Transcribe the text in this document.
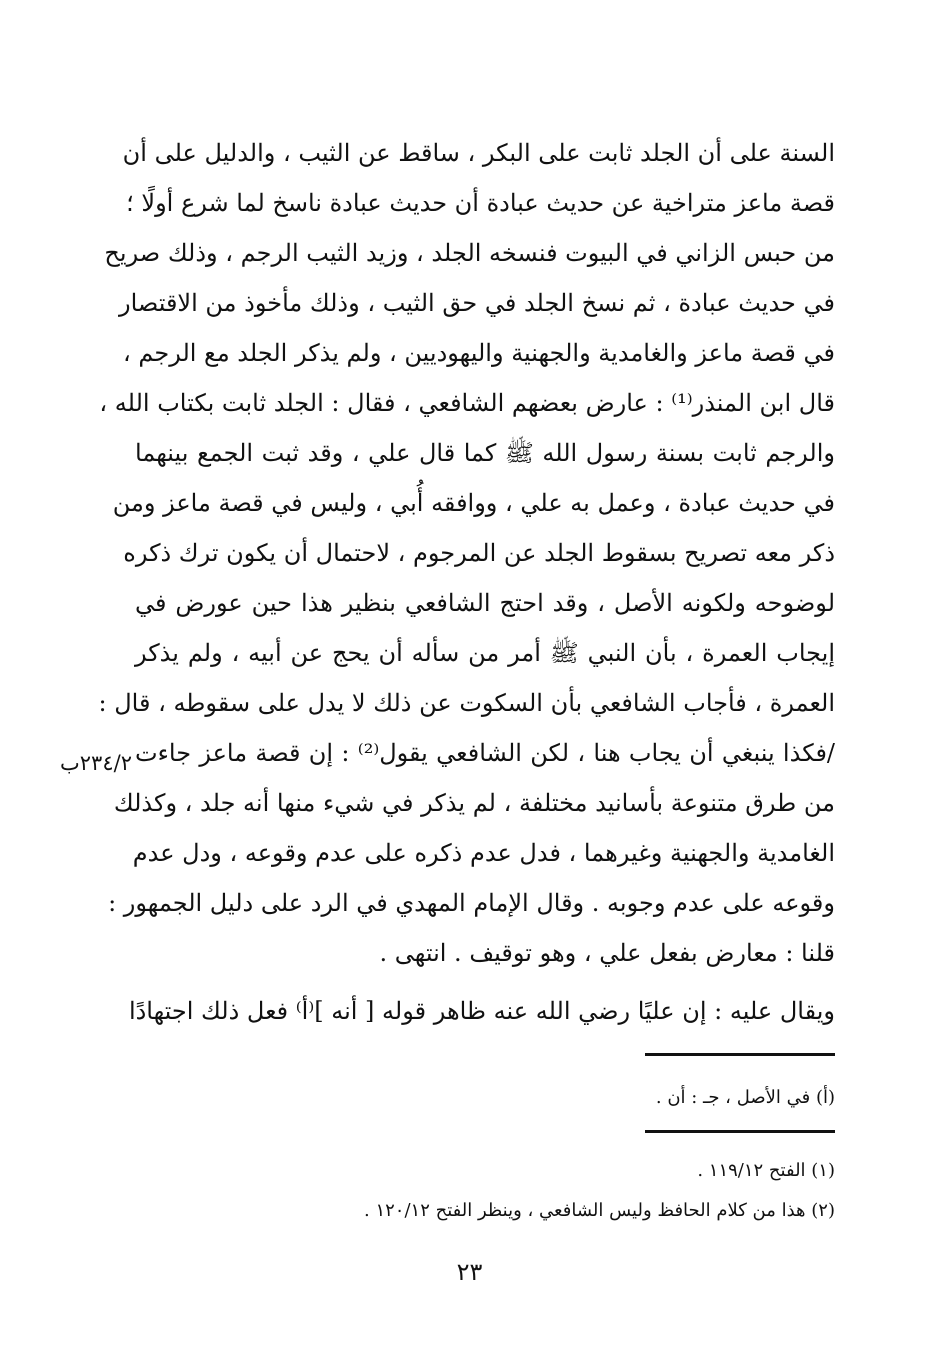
السنة على أن الجلد ثابت على البكر ، ساقط عن الثيب ، والدليل على أن
قصة ماعز متراخية عن حديث عبادة أن حديث عبادة ناسخ لما شرع أولًا ؛
من حبس الزاني في البيوت فنسخه الجلد ، وزيد الثيب الرجم ، وذلك صريح
في حديث عبادة ، ثم نسخ الجلد في حق الثيب ، وذلك مأخوذ من الاقتصار
في قصة ماعز والغامدية والجهنية واليهوديين ، ولم يذكر الجلد مع الرجم ،
قال ابن المنذر⁽¹⁾ : عارض بعضهم الشافعي ، فقال : الجلد ثابت بكتاب الله ،
والرجم ثابت بسنة رسول الله ﷺ كما قال علي ، وقد ثبت الجمع بينهما
في حديث عبادة ، وعمل به علي ، ووافقه أُبي ، وليس في قصة ماعز ومن
ذكر معه تصريح بسقوط الجلد عن المرجوم ، لاحتمال أن يكون ترك ذكره
لوضوحه ولكونه الأصل ، وقد احتج الشافعي بنظير هذا حين عورض في
إيجاب العمرة ، بأن النبي ﷺ أمر من سأله أن يحج عن أبيه ، ولم يذكر
العمرة ، فأجاب الشافعي بأن السكوت عن ذلك لا يدل على سقوطه ، قال :
/فكذا ينبغي أن يجاب هنا ، لكن الشافعي يقول⁽²⁾ : إن قصة ماعز جاءت
من طرق متنوعة بأسانيد مختلفة ، لم يذكر في شيء منها أنه جلد ، وكذلك
الغامدية والجهنية وغيرهما ، فدل عدم ذكره على عدم وقوعه ، ودل عدم
وقوعه على عدم وجوبه . وقال الإمام المهدي في الرد على دليل الجمهور :
قلنا : معارض بفعل علي ، وهو توقيف . انتهى .
ويقال عليه : إن عليًا رضي الله عنه ظاهر قوله [ أنه ]⁽أ⁾ فعل ذلك اجتهادًا
٢٣٤/٢ب
(أ) في الأصل ، جـ : أن .
(١) الفتح ١١٩/١٢ .
(٢) هذا من كلام الحافظ وليس الشافعي ، وينظر الفتح ١٢٠/١٢ .
٢٣
